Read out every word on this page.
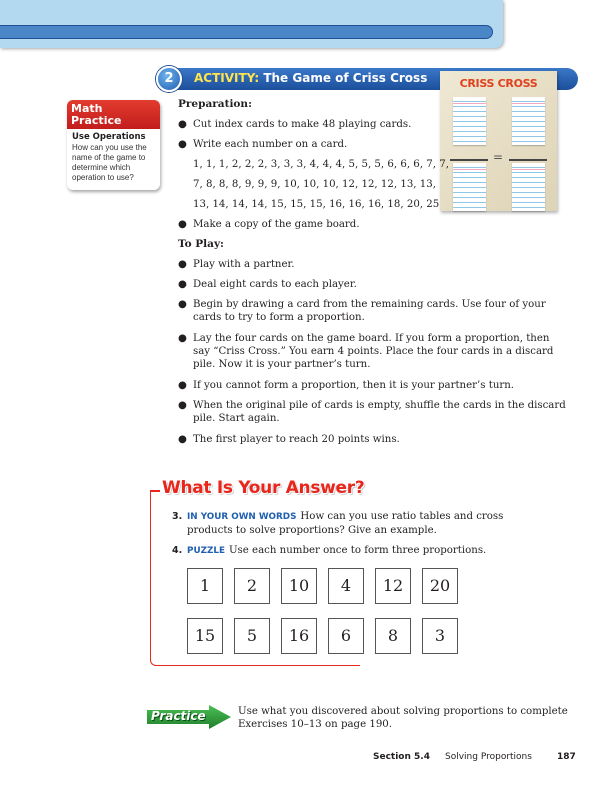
2	ACTIVITY: The Game of Criss Cross
Math
Practice
Use Operations
How can you use the name of the game to determine which operation to use?
CRISS CROSS
=
Preparation:
● Cut index cards to make 48 playing cards.
● Write each number on a card.
1, 1, 1, 2, 2, 2, 3, 3, 3, 4, 4, 4, 5, 5, 5, 6, 6, 6, 7, 7,
7, 8, 8, 8, 9, 9, 9, 10, 10, 10, 12, 12, 12, 13, 13,
13, 14, 14, 14, 15, 15, 15, 16, 16, 16, 18, 20, 25
● Make a copy of the game board.
To Play:
● Play with a partner.
● Deal eight cards to each player.
● Begin by drawing a card from the remaining cards. Use four of your cards to try to form a proportion.
● Lay the four cards on the game board. If you form a proportion, then say “Criss Cross.” You earn 4 points. Place the four cards in a discard pile. Now it is your partner’s turn.
● If you cannot form a proportion, then it is your partner’s turn.
● When the original pile of cards is empty, shuffle the cards in the discard pile. Start again.
● The first player to reach 20 points wins.
What Is Your Answer?
3. IN YOUR OWN WORDS How can you use ratio tables and cross products to solve proportions? Give an example.
4. PUZZLE Use each number once to form three proportions.
1	2	10	4	12	20
15	5	16	6	8	3
Practice	Use what you discovered about solving proportions to complete Exercises 10–13 on page 190.
Section 5.4 Solving Proportions	187
